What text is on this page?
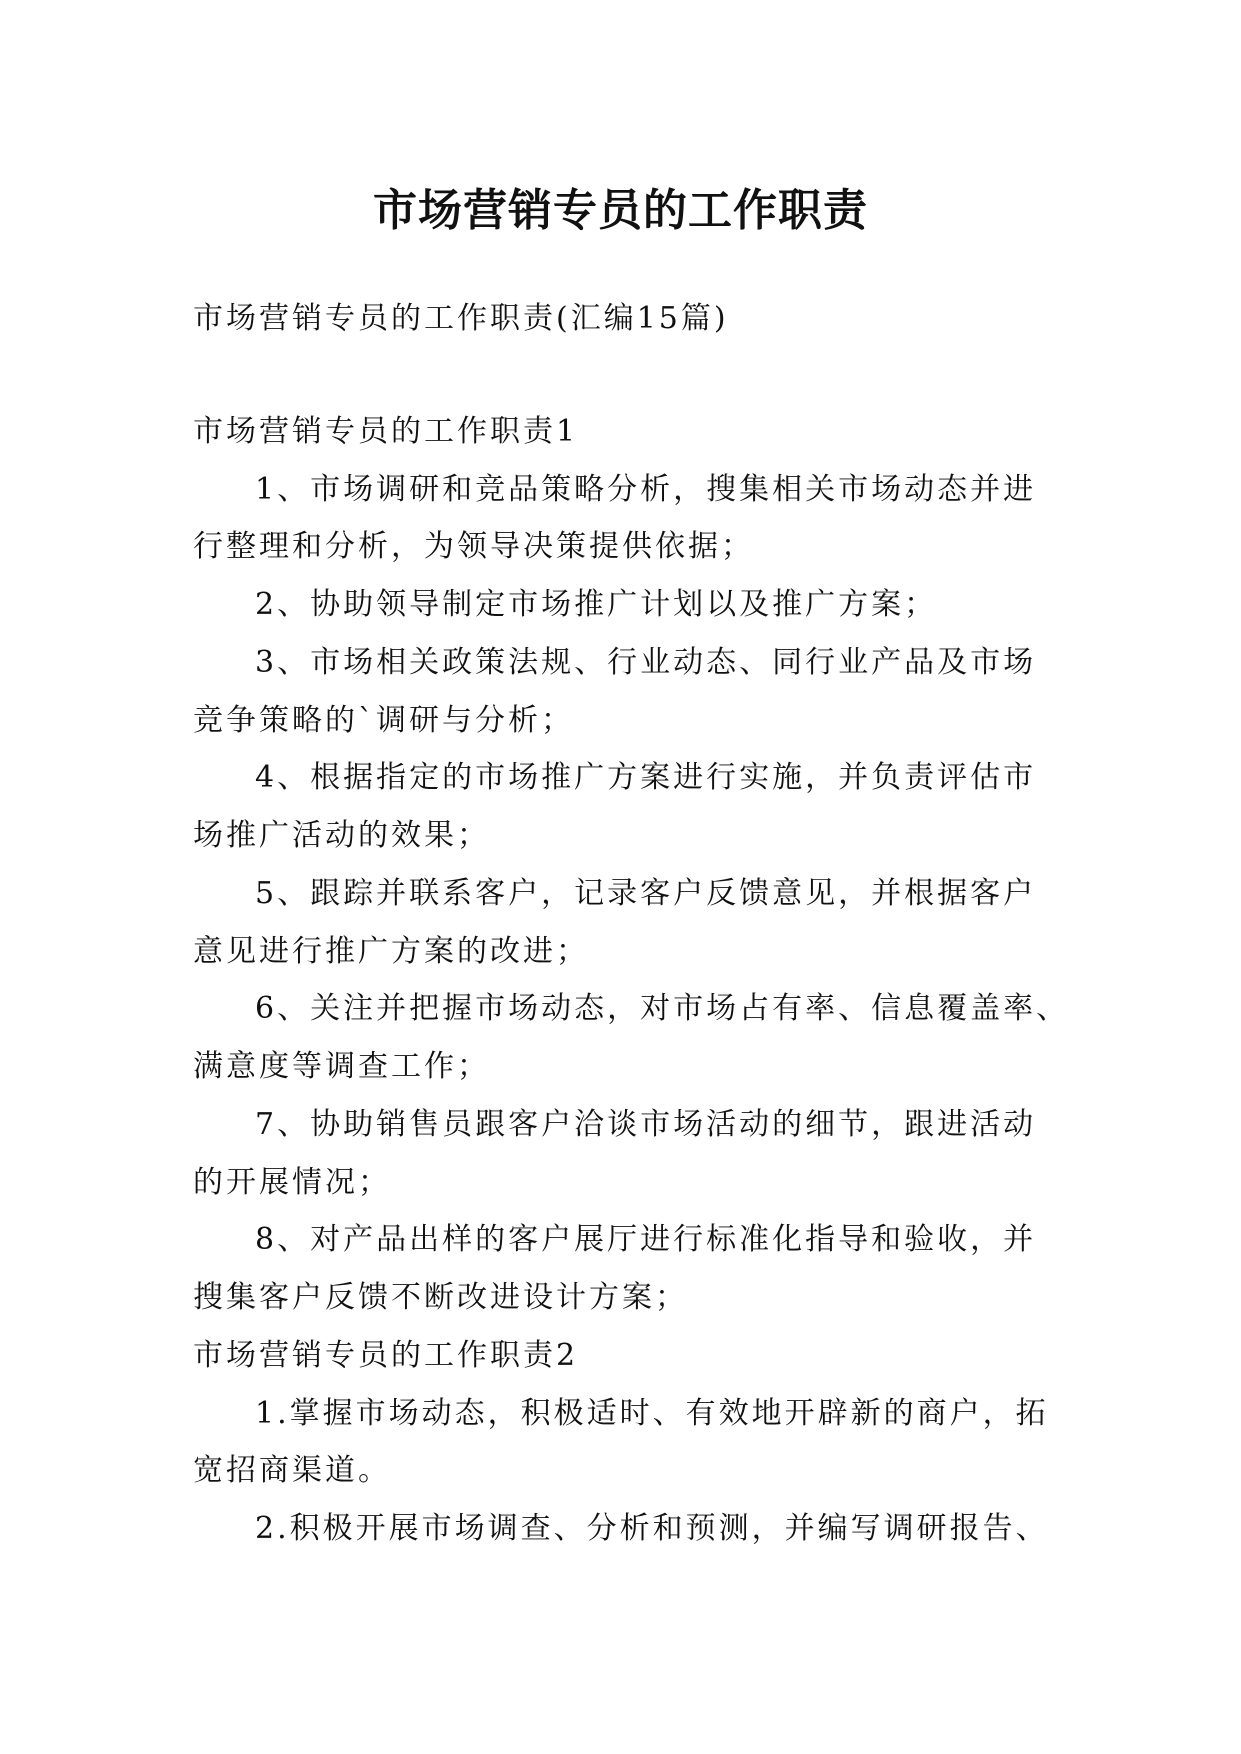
市场营销专员的工作职责

市场营销专员的工作职责(汇编15篇)

市场营销专员的工作职责1

1、市场调研和竞品策略分析，搜集相关市场动态并进

行整理和分析，为领导决策提供依据；

2、协助领导制定市场推广计划以及推广方案；

3、市场相关政策法规、行业动态、同行业产品及市场

竞争策略的`调研与分析；

4、根据指定的市场推广方案进行实施，并负责评估市

场推广活动的效果；

5、跟踪并联系客户，记录客户反馈意见，并根据客户

意见进行推广方案的改进；

6、关注并把握市场动态，对市场占有率、信息覆盖率、

满意度等调查工作；

7、协助销售员跟客户洽谈市场活动的细节，跟进活动

的开展情况；

8、对产品出样的客户展厅进行标准化指导和验收，并

搜集客户反馈不断改进设计方案；

市场营销专员的工作职责2

1.掌握市场动态，积极适时、有效地开辟新的商户，拓

宽招商渠道。

2.积极开展市场调查、分析和预测，并编写调研报告、
